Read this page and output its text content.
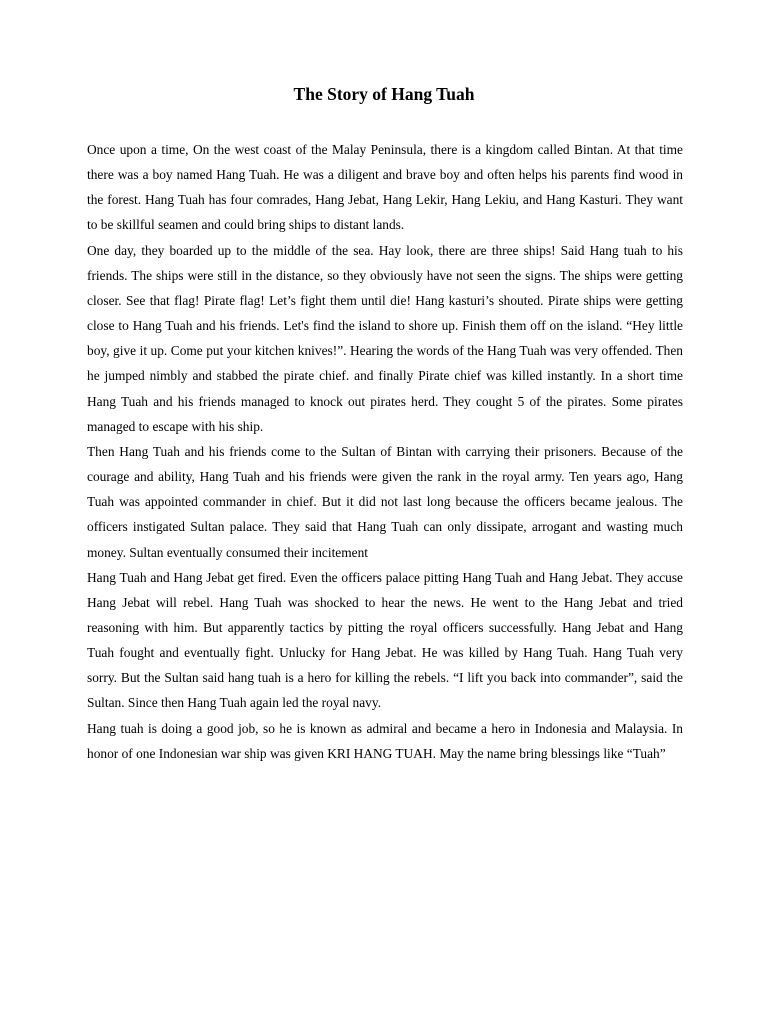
The Story of Hang Tuah

Once upon a time, On the west coast of the Malay Peninsula, there is a kingdom called Bintan. At that time there was a boy named Hang Tuah. He was a diligent and brave boy and often helps his parents find wood in the forest. Hang Tuah has four comrades, Hang Jebat, Hang Lekir, Hang Lekiu, and Hang Kasturi. They want to be skillful seamen and could bring ships to distant lands.

One day, they boarded up to the middle of the sea. Hay look, there are three ships! Said Hang tuah to his friends. The ships were still in the distance, so they obviously have not seen the signs. The ships were getting closer. See that flag! Pirate flag! Let’s fight them until die! Hang kasturi’s shouted. Pirate ships were getting close to Hang Tuah and his friends. Let's find the island to shore up. Finish them off on the island. “Hey little boy, give it up. Come put your kitchen knives!”. Hearing the words of the Hang Tuah was very offended. Then he jumped nimbly and stabbed the pirate chief. and finally Pirate chief was killed instantly. In a short time Hang Tuah and his friends managed to knock out pirates herd. They cought 5 of the pirates. Some pirates managed to escape with his ship.

Then Hang Tuah and his friends come to the Sultan of Bintan with carrying their prisoners. Because of the courage and ability, Hang Tuah and his friends were given the rank in the royal army. Ten years ago, Hang Tuah was appointed commander in chief. But it did not last long because the officers became jealous. The officers instigated Sultan palace. They said that Hang Tuah can only dissipate, arrogant and wasting much money. Sultan eventually consumed their incitement

Hang Tuah and Hang Jebat get fired. Even the officers palace pitting Hang Tuah and Hang Jebat. They accuse Hang Jebat will rebel. Hang Tuah was shocked to hear the news. He went to the Hang Jebat and tried reasoning with him. But apparently tactics by pitting the royal officers successfully. Hang Jebat and Hang Tuah fought and eventually fight. Unlucky for Hang Jebat. He was killed by Hang Tuah. Hang Tuah very sorry. But the Sultan said hang tuah is a hero for killing the rebels. “I lift you back into commander”, said the Sultan. Since then Hang Tuah again led the royal navy.

Hang tuah is doing a good job, so he is known as admiral and became a hero in Indonesia and Malaysia. In honor of one Indonesian war ship was given KRI HANG TUAH. May the name bring blessings like “Tuah”
